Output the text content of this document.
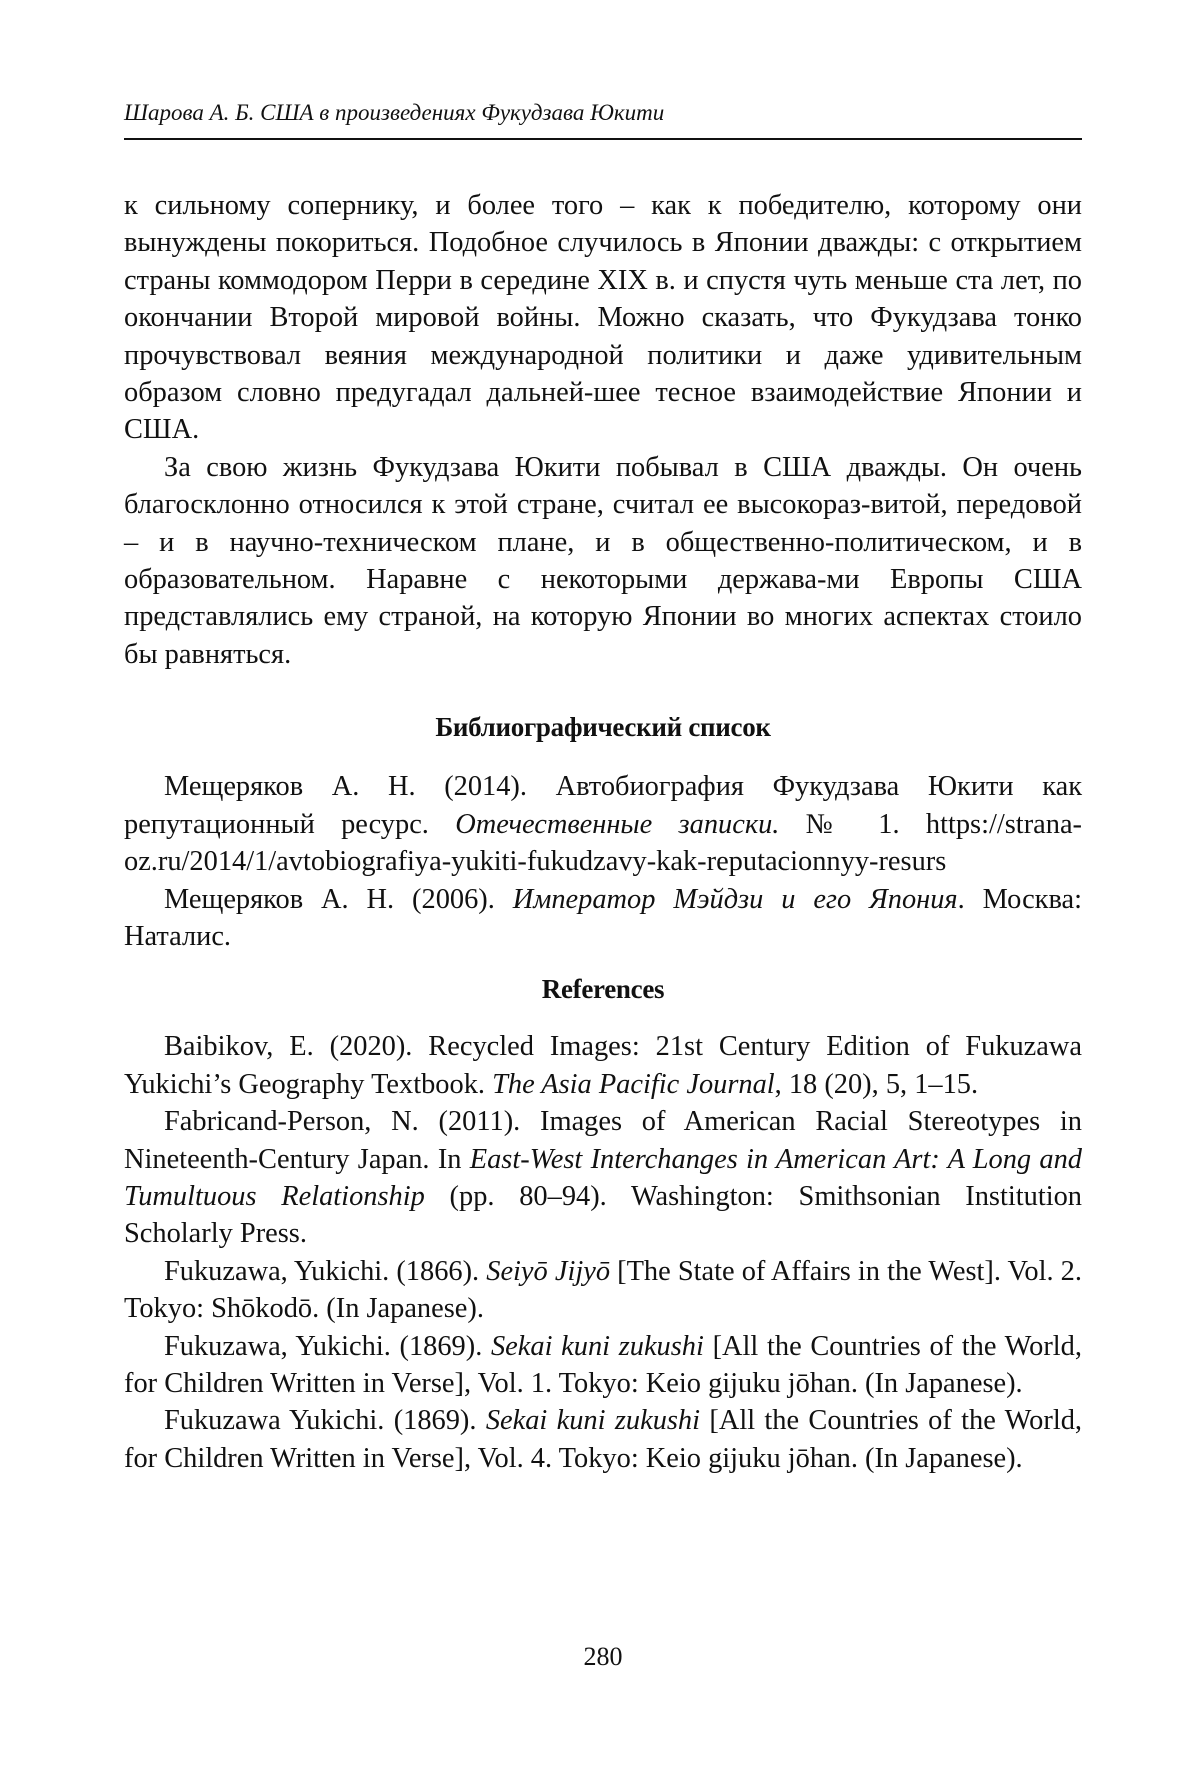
Шарова А. Б. США в произведениях Фукудзава Юкити

к сильному сопернику, и более того – как к победителю, которому они вынуждены покориться. Подобное случилось в Японии дважды: с открытием страны коммодором Перри в середине XIX в. и спустя чуть меньше ста лет, по окончании Второй мировой войны. Можно сказать, что Фукудзава тонко прочувствовал веяния международной политики и даже удивительным образом словно предугадал дальней-шее тесное взаимодействие Японии и США.

За свою жизнь Фукудзава Юкити побывал в США дважды. Он очень благосклонно относился к этой стране, считал ее высокораз-витой, передовой – и в научно-техническом плане, и в общественно-политическом, и в образовательном. Наравне с некоторыми держава-ми Европы США представлялись ему страной, на которую Японии во многих аспектах стоило бы равняться.

Библиографический список

Мещеряков А. Н. (2014). Автобиография Фукудзава Юкити как репутационный ресурс. Отечественные записки. № 1. https://strana-oz.ru/2014/1/avtobiografiya-yukiti-fukudzavy-kak-reputacionnyy-resurs

Мещеряков А. Н. (2006). Император Мэйдзи и его Япония. Москва: Наталис.

References

Baibikov, E. (2020). Recycled Images: 21st Century Edition of Fukuzawa Yukichi’s Geography Textbook. The Asia Pacific Journal, 18 (20), 5, 1–15.

Fabricand-Person, N. (2011). Images of American Racial Stereotypes in Nineteenth-Century Japan. In East-West Interchanges in American Art: A Long and Tumultuous Relationship (pp. 80–94). Washington: Smithsonian Institution Scholarly Press.

Fukuzawa, Yukichi. (1866). Seiyō Jijyō [The State of Affairs in the West]. Vol. 2. Tokyo: Shōkodō. (In Japanese).

Fukuzawa, Yukichi. (1869). Sekai kuni zukushi [All the Countries of the World, for Children Written in Verse], Vol. 1. Tokyo: Keio gijuku jōhan. (In Japanese).

Fukuzawa Yukichi. (1869). Sekai kuni zukushi [All the Countries of the World, for Children Written in Verse], Vol. 4. Tokyo: Keio gijuku jōhan. (In Japanese).

280
